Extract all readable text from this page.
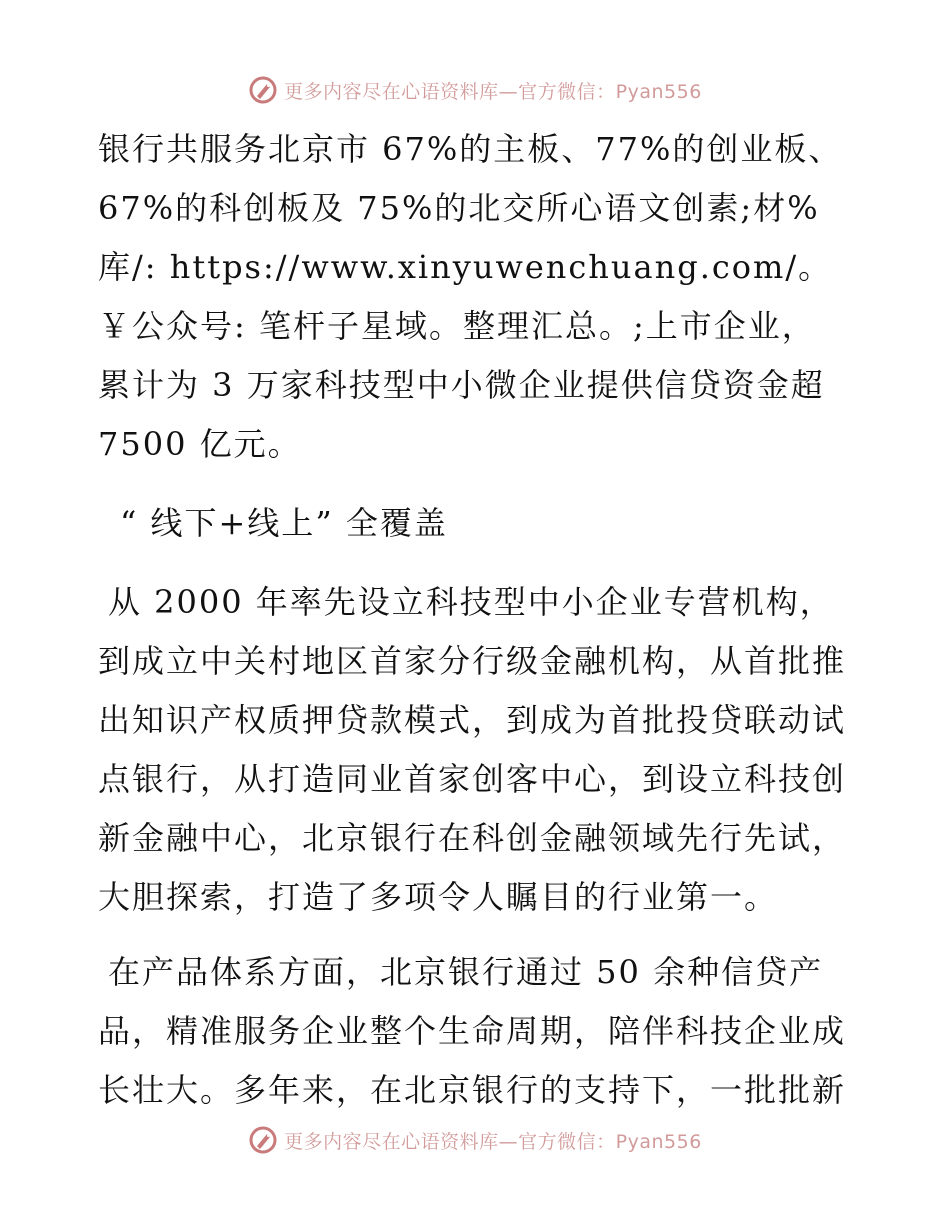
更多内容尽在心语资料库—官方微信：Pyan556

银行共服务北京市 67%的主板、77%的创业板、67%的科创板及 75%的北交所心语文创素;材%库/: https://www.xinyuwenchuang.com/。￥公众号: 笔杆子星域。整理汇总。;上市企业， 累计为 3 万家科技型中小微企业提供信贷资金超 7500 亿元。

“ 线下+线上” 全覆盖

从 2000 年率先设立科技型中小企业专营机构，到成立中关村地区首家分行级金融机构，从首批推出知识产权质押贷款模式，到成为首批投贷联动试点银行，从打造同业首家创客中心，到设立科技创新金融中心，北京银行在科创金融领域先行先试，大胆探索，打造了多项令人瞩目的行业第一。

在产品体系方面，北京银行通过 50 余种信贷产品，精准服务企业整个生命周期，陪伴科技企业成长壮大。多年来，在北京银行的支持下，一批批新

更多内容尽在心语资料库—官方微信：Pyan556
